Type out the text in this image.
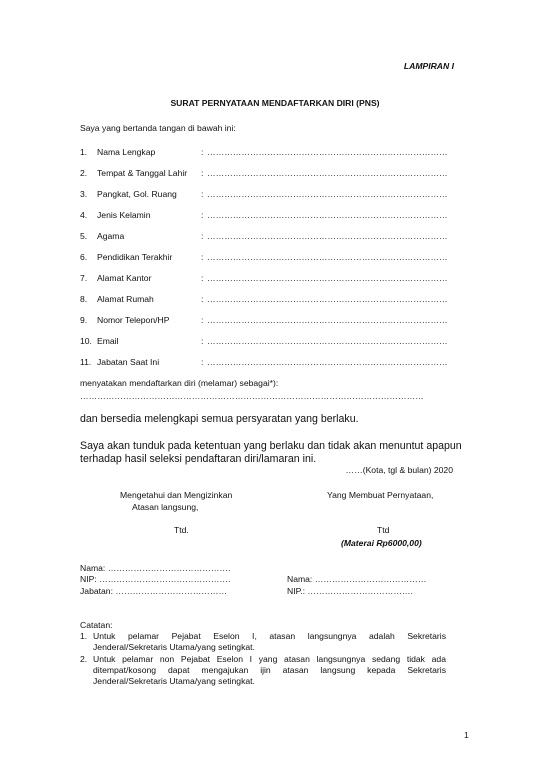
LAMPIRAN I
SURAT PERNYATAAN MENDAFTARKAN DIRI (PNS)
Saya yang bertanda tangan di bawah ini:
1. Nama Lengkap	: …………………………………………………………………………
2. Tempat & Tanggal Lahir : …………………………………………………………………………
3. Pangkat, Gol. Ruang	: …………………………………………………………………………
4. Jenis Kelamin	: …………………………………………………………………………
5. Agama	: …………………………………………………………………………
6. Pendidikan Terakhir	: …………………………………………………………………………
7. Alamat Kantor	: …………………………………………………………………………
8. Alamat Rumah	: …………………………………………………………………………
9. Nomor Telepon/HP	: …………………………………………………………………………
10. Email	: …………………………………………………………………………
11. Jabatan Saat Ini	: …………………………………………………………………………
menyatakan mendaftarkan diri (melamar) sebagai*):
…………………………………………………………………………………………………………
dan bersedia melengkapi semua persyaratan yang berlaku.
Saya akan tunduk pada ketentuan yang berlaku dan tidak akan menuntut apapun
terhadap hasil seleksi pendaftaran diri/lamaran ini.
……(Kota, tgl & bulan) 2020
Mengetahui dan Mengizinkan
Atasan langsung,
Yang Membuat Pernyataan,
Ttd.	Ttd
(Materai Rp6000,00)
Nama: …………………………………….
NIP: ……………………………………….
Jabatan: …………………………………
Nama: …………………………………
NIP.: ……………………………….
Catatan:
1. Untuk pelamar Pejabat Eselon I, atasan langsungnya adalah Sekretaris
Jenderal/Sekretaris Utama/yang setingkat.
2. Untuk pelamar non Pejabat Eselon I yang atasan langsungnya sedang tidak ada
ditempat/kosong dapat mengajukan ijin atasan langsung kepada Sekretaris
Jenderal/Sekretaris Utama/yang setingkat.
1
